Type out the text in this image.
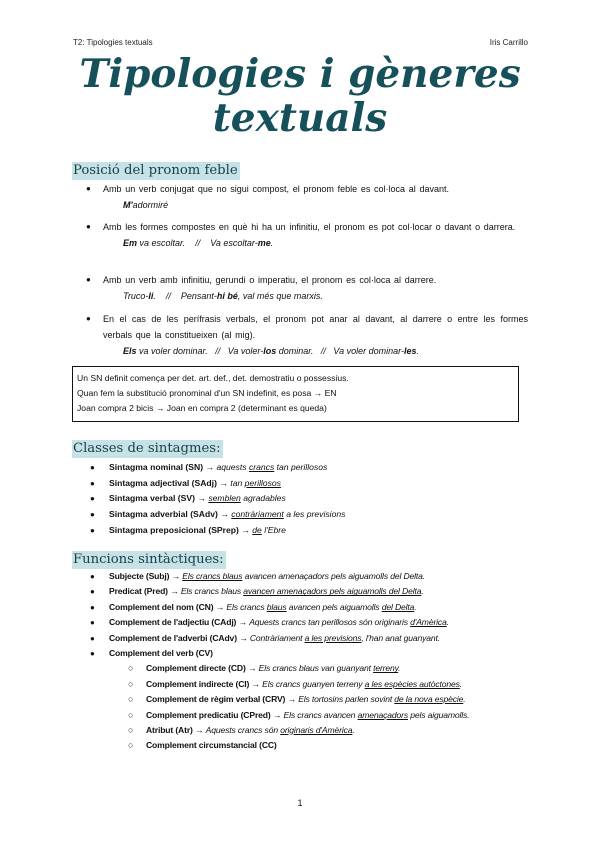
T2: Tipologies textuals	Iris Carrillo
Tipologies i gèneres textuals
Posició del pronom feble
● Amb un verb conjugat que no sigui compost, el pronom feble es col·loca al davant.
M'adormiré
● Amb les formes compostes en què hi ha un infinitiu, el pronom es pot col·locar o davant o darrera.
Em va escoltar.    //    Va escoltar-me.
● Amb un verb amb infinitiu, gerundi o imperatiu, el pronom es col·loca al darrere.
Truco-li.    //    Pensant-hi bé, val més que marxis.
● En el cas de les perífrasis verbals, el pronom pot anar al davant, al darrere o entre les formes verbals que la constitueixen (al mig).
Els va voler dominar.   //   Va voler-los dominar.   //   Va voler dominar-les.

Un SN definit comença per det. art. def., det. demostratiu o possessius.

Quan fem la substitució pronominal d'un SN indefinit, es posa → EN

Joan compra 2 bicis → Joan en compra 2 (determinant es queda)

Classes de sintagmes:
● Sintagma nominal (SN) → aquests crancs tan perillosos
● Sintagma adjectival (SAdj) → tan perillosos
● Sintagma verbal (SV) → semblen agradables
● Sintagma adverbial (SAdv) → contràriament a les previsions
● Sintagma preposicional (SPrep) → de l'Ebre
Funcions sintàctiques:
● Subjecte (Subj) → Els crancs blaus avancen amenaçadors pels aiguamolls del Delta.
● Predicat (Pred) → Els crancs blaus avancen amenaçadors pels aiguamolls del Delta.
● Complement del nom (CN) → Els crancs blaus avancen pels aiguamolls del Delta.
● Complement de l'adjectiu (CAdj) → Aquests crancs tan perillosos són originaris d'Amèrica.
● Complement de l'adverbi (CAdv) → Contràriament a les previsions, l'han anat guanyant.
● Complement del verb (CV)
○ Complement directe (CD) → Els crancs blaus van guanyant terreny.
○ Complement indirecte (CI) → Els crancs guanyen terreny a les espècies autòctones.
○ Complement de règim verbal (CRV) → Els tortosins parlen sovint de la nova espècie.
○ Complement predicatiu (CPred) → Els crancs avancen amenaçadors pels aiguamolls.
○ Atribut (Atr) → Aquests crancs són originaris d'Amèrica.
○ Complement circumstancial (CC)
1
